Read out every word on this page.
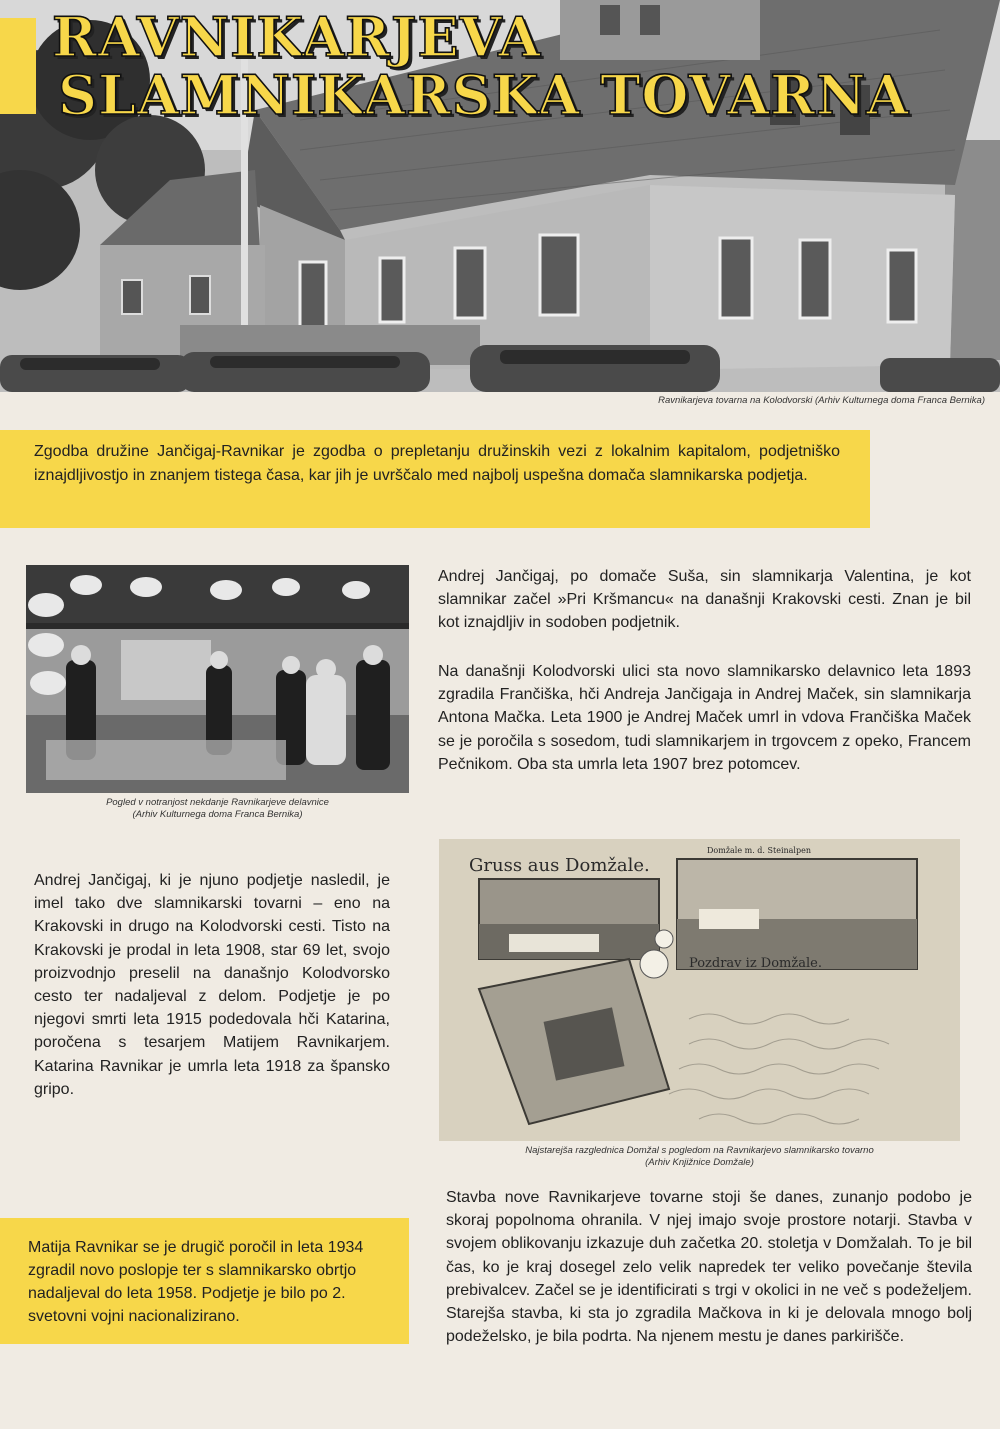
RAVNIKARJEVA
SLAMNIKARSKA TOVARNA
Ravnikarjeva tovarna na Kolodvorski (Arhiv Kulturnega doma Franca Bernika)

Zgodba družine Jančigaj-Ravnikar je zgodba o prepletanju družinskih vezi z lokalnim kapitalom, podjetniško iznajdljivostjo in znanjem tistega časa, kar jih je uvrščalo med najbolj uspešna domača slamnikarska podjetja.

Pogled v notranjost nekdanje Ravnikarjeve delavnice
(Arhiv Kulturnega doma Franca Bernika)

Andrej Jančigaj, po domače Suša, sin slamnikarja Valentina, je kot slamnikar začel »Pri Kršmancu« na današnji Krakovski cesti. Znan je bil kot iznajdljiv in sodoben podjetnik.

Na današnji Kolodvorski ulici sta novo slamnikarsko delavnico leta 1893 zgradila Frančiška, hči Andreja Jančigaja in Andrej Maček, sin slamnikarja Antona Mačka. Leta 1900 je Andrej Maček umrl in vdova Frančiška Maček se je poročila s sosedom, tudi slamnikarjem in trgovcem z opeko, Francem Pečnikom. Oba sta umrla leta 1907 brez potomcev.

Andrej Jančigaj, ki je njuno podjetje nasledil, je imel tako dve slamnikarski tovarni – eno na Krakovski in drugo na Kolodvorski cesti. Tisto na Krakovski je prodal in leta 1908, star 69 let, svojo proizvodnjo preselil na današnjo Kolodvorsko cesto ter nadaljeval z delom. Podjetje je po njegovi smrti leta 1915 podedovala hči Katarina, poročena s tesarjem Matijem Ravnikarjem. Katarina Ravnikar je umrla leta 1918 za špansko gripo.

Gruss aus Domžale.
Domžale m. d. Steinalpen
Pozdrav iz Domžale.
Najstarejša razglednica Domžal s pogledom na Ravnikarjevo slamnikarsko tovarno
(Arhiv Knjižnice Domžale)

Stavba nove Ravnikarjeve tovarne stoji še danes, zunanjo podobo je skoraj popolnoma ohranila. V njej imajo svoje prostore notarji. Stavba v svojem oblikovanju izkazuje duh začetka 20. stoletja v Domžalah. To je bil čas, ko je kraj dosegel zelo velik napredek ter veliko povečanje števila prebivalcev. Začel se je identificirati s trgi v okolici in ne več s podeželjem. Starejša stavba, ki sta jo zgradila Mačkova in ki je delovala mnogo bolj podeželsko, je bila podrta. Na njenem mestu je danes parkirišče.

Matija Ravnikar se je drugič poročil in leta 1934 zgradil novo poslopje ter s slamnikarsko obrtjo nadaljeval do leta 1958. Podjetje je bilo po 2. svetovni vojni nacionalizirano.
